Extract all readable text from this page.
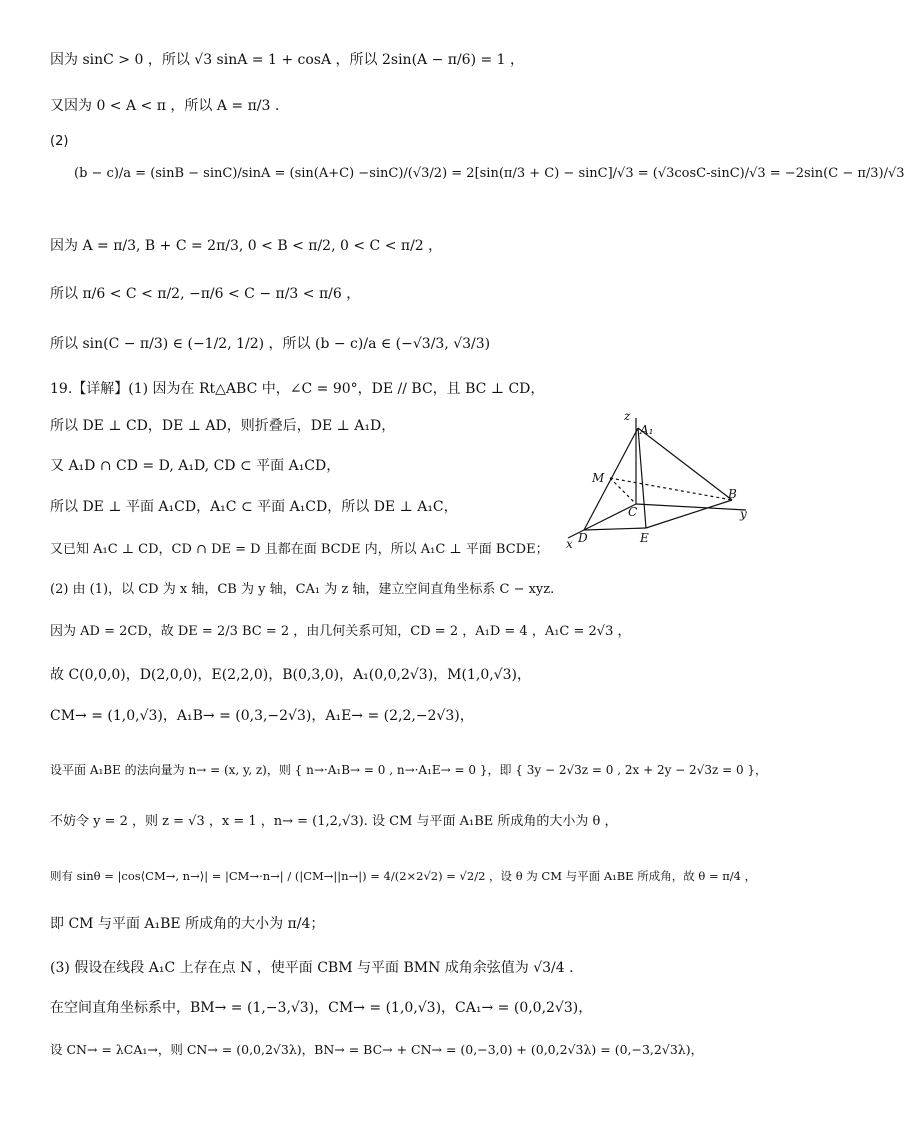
因为 sinC > 0 ，所以 √3 sinA = 1 + cosA ，所以 2sin(A − π/6) = 1 ，
又因为 0 < A < π ，所以 A = π/3 .
(2)
(b − c)/a = (sinB − sinC)/sinA = (sin(A+C) −sinC)/(√3/2) = 2[sin(π/3 + C) − sinC]/√3 = (√3cosC-sinC)/√3 = −2sin(C − π/3)/√3
因为 A = π/3, B + C = 2π/3, 0 < B < π/2, 0 < C < π/2 ，
所以 π/6 < C < π/2, −π/6 < C − π/3 < π/6 ，
所以 sin(C − π/3) ∈ (−1/2, 1/2) ，所以 (b − c)/a ∈ (−√3/3, √3/3)
19.【详解】(1) 因为在 Rt△ABC 中，∠C = 90°，DE // BC，且 BC ⊥ CD，
所以 DE ⊥ CD，DE ⊥ AD，则折叠后，DE ⊥ A₁D，
又 A₁D ∩ CD = D, A₁D, CD ⊂ 平面 A₁CD，
所以 DE ⊥ 平面 A₁CD，A₁C ⊂ 平面 A₁CD，所以 DE ⊥ A₁C，
又已知 A₁C ⊥ CD，CD ∩ DE = D 且都在面 BCDE 内，所以 A₁C ⊥ 平面 BCDE；
(2) 由 (1)，以 CD 为 x 轴，CB 为 y 轴，CA₁ 为 z 轴，建立空间直角坐标系 C − xyz.
因为 AD = 2CD，故 DE = 2/3 BC = 2 ，由几何关系可知，CD = 2 ，A₁D = 4 ，A₁C = 2√3 ，
故 C(0,0,0)，D(2,0,0)，E(2,2,0)，B(0,3,0)，A₁(0,0,2√3)，M(1,0,√3)，
CM→ = (1,0,√3)，A₁B→ = (0,3,−2√3)，A₁E→ = (2,2,−2√3)，
设平面 A₁BE 的法向量为 n→ = (x, y, z)，则 { n→·A₁B→ = 0 , n→·A₁E→ = 0 }，即 { 3y − 2√3z = 0 , 2x + 2y − 2√3z = 0 }，
不妨令 y = 2 ，则 z = √3 ，x = 1 ，n→ = (1,2,√3). 设 CM 与平面 A₁BE 所成角的大小为 θ ，
则有 sinθ = |cos⟨CM→, n→⟩| = |CM→·n→| / (|CM→||n→|) = 4/(2×2√2) = √2/2 ，设 θ 为 CM 与平面 A₁BE 所成角，故 θ = π/4 ，
即 CM 与平面 A₁BE 所成角的大小为 π/4；
(3) 假设在线段 A₁C 上存在点 N ，使平面 CBM 与平面 BMN 成角余弦值为 √3/4 .
在空间直角坐标系中，BM→ = (1,−3,√3)，CM→ = (1,0,√3)，CA₁→ = (0,0,2√3)，
设 CN→ = λCA₁→，则 CN→ = (0,0,2√3λ)，BN→ = BC→ + CN→ = (0,−3,0) + (0,0,2√3λ) = (0,−3,2√3λ)，
z
A₁
M
C
B
y
x D	E
